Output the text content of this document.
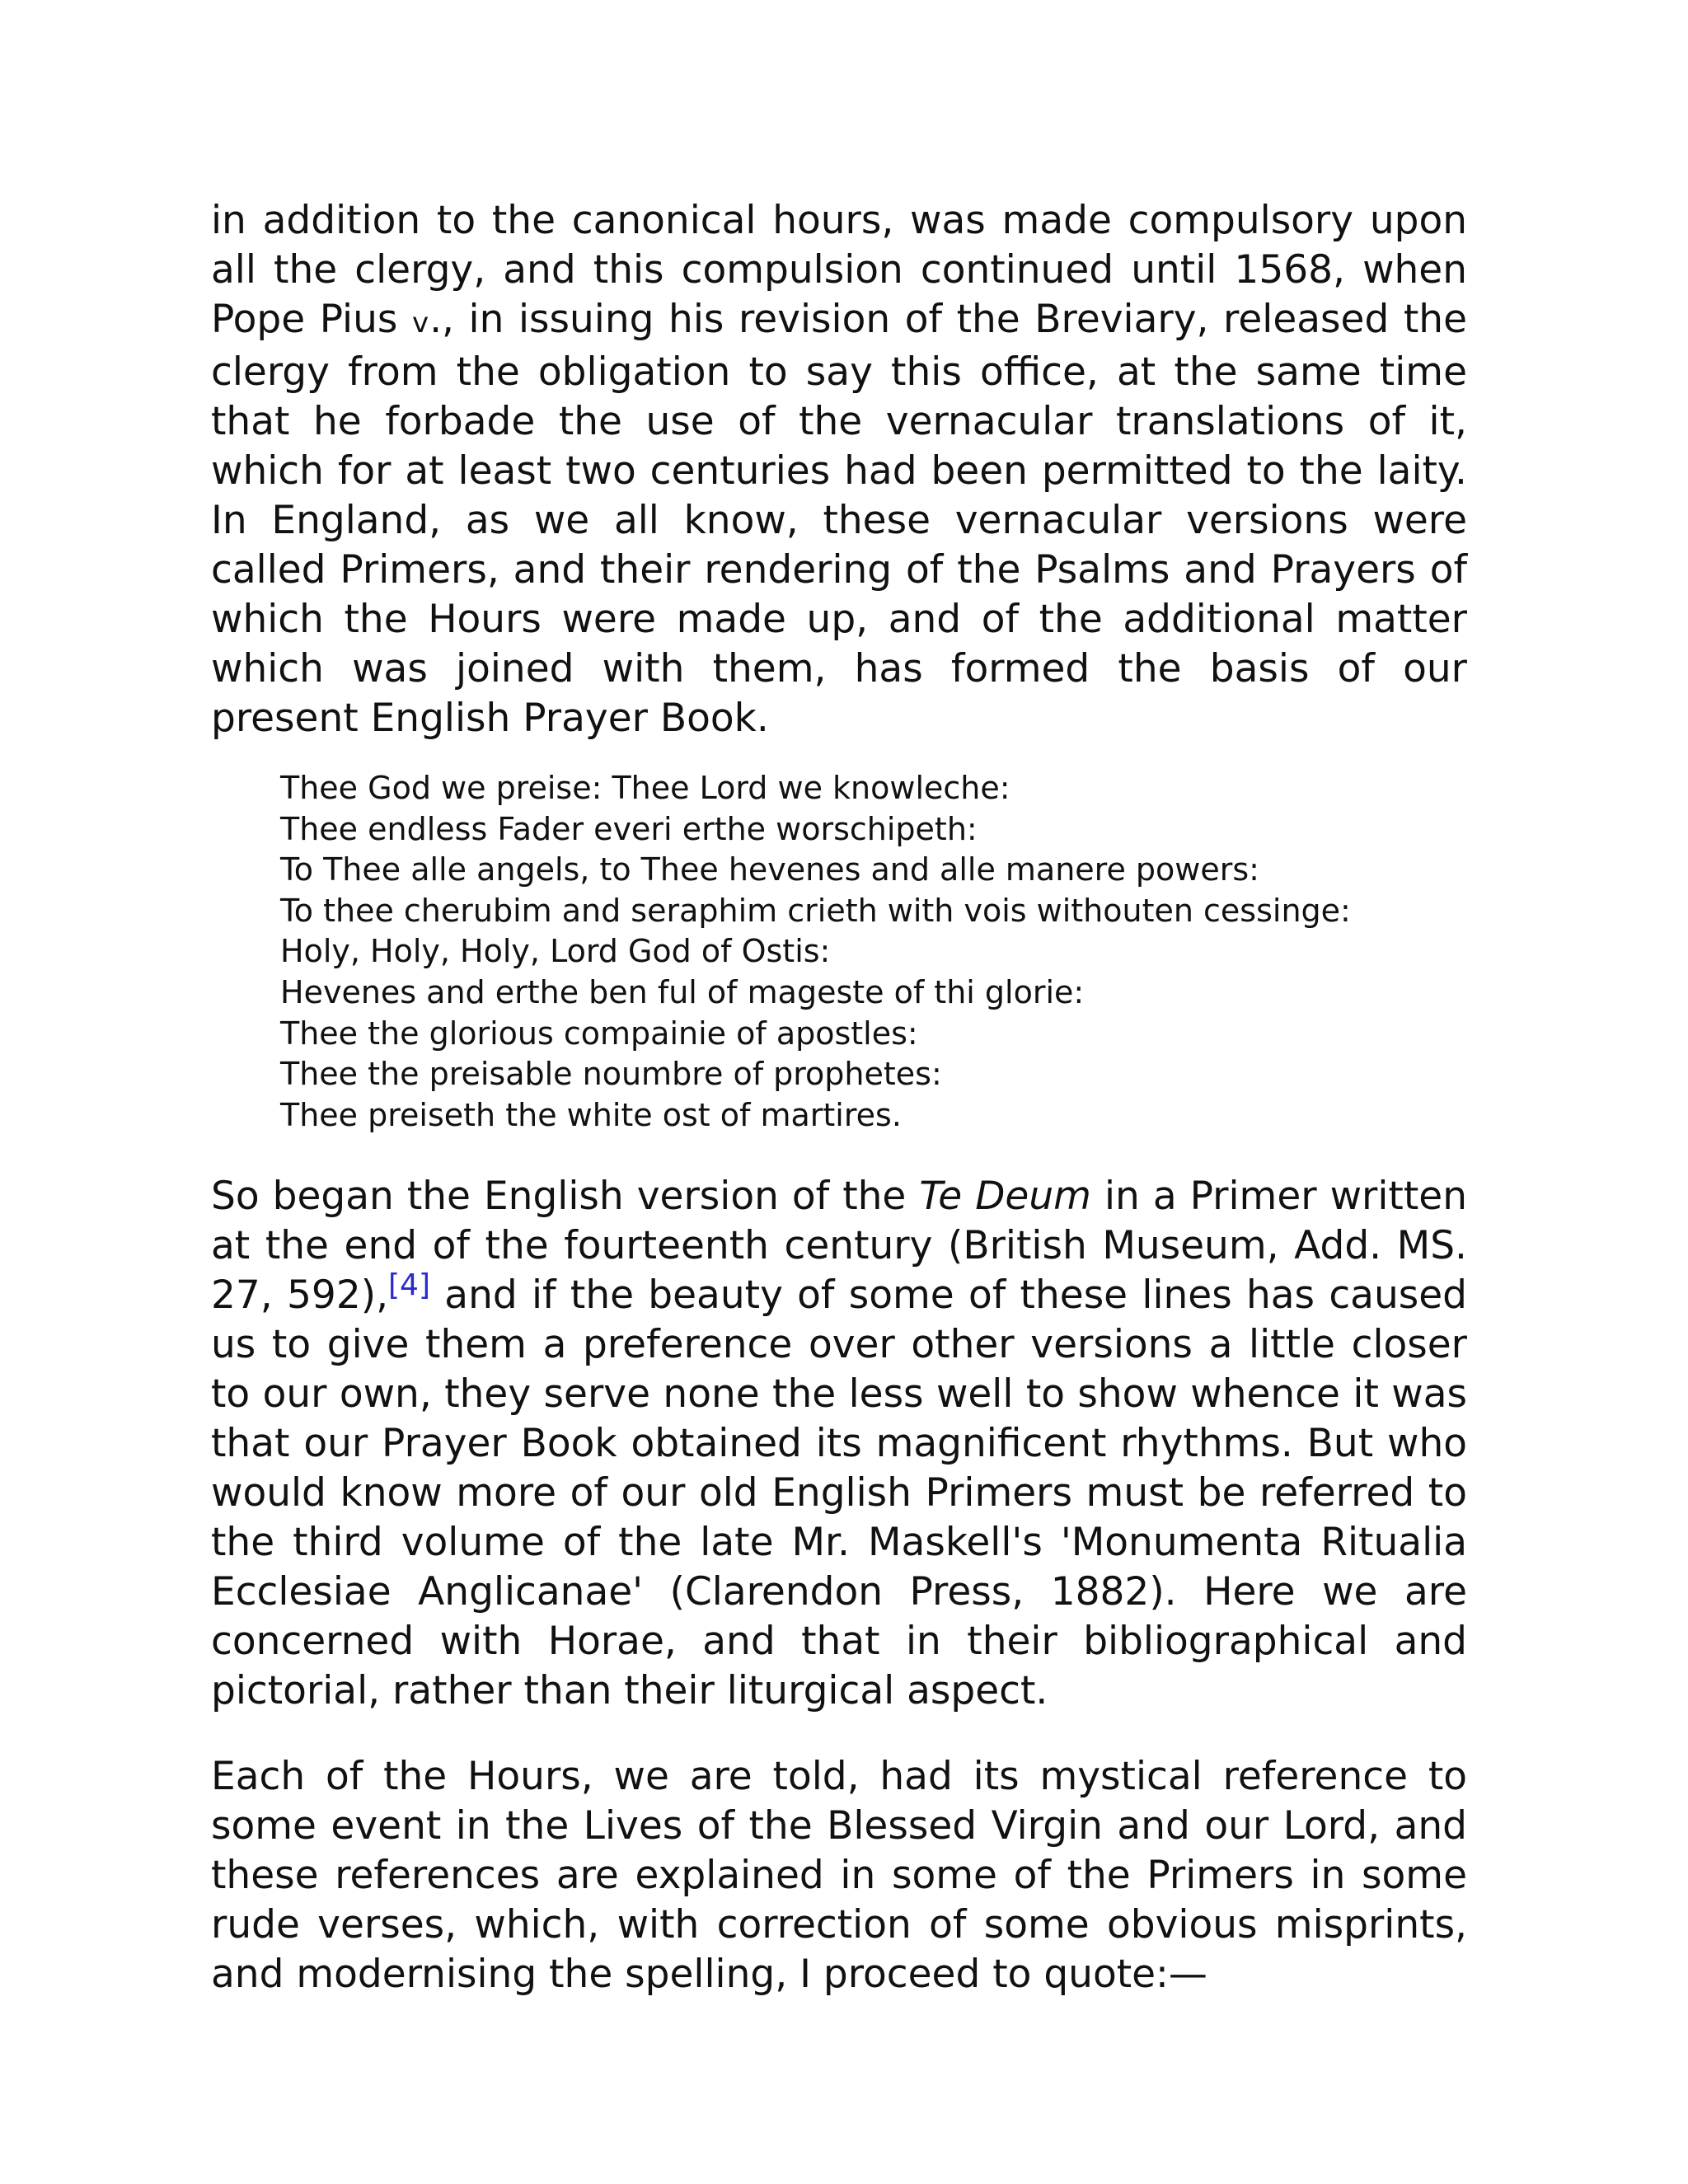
in addition to the canonical hours, was made compulsory upon all the clergy, and this compulsion continued until 1568, when Pope Pius v., in issuing his revision of the Breviary, released the clergy from the obligation to say this office, at the same time that he forbade the use of the vernacular translations of it, which for at least two centuries had been permitted to the laity. In England, as we all know, these vernacular versions were called Primers, and their rendering of the Psalms and Prayers of which the Hours were made up, and of the additional matter which was joined with them, has formed the basis of our present English Prayer Book.

Thee God we preise: Thee Lord we knowleche:
Thee endless Fader everi erthe worschipeth:
To Thee alle angels, to Thee hevenes and alle manere powers:
To thee cherubim and seraphim crieth with vois withouten cessinge:
Holy, Holy, Holy, Lord God of Ostis:
Hevenes and erthe ben ful of mageste of thi glorie:
Thee the glorious compainie of apostles:
Thee the preisable noumbre of prophetes:
Thee preiseth the white ost of martires.

So began the English version of the Te Deum in a Primer written at the end of the fourteenth century (British Museum, Add. MS. 27, 592),[4] and if the beauty of some of these lines has caused us to give them a preference over other versions a little closer to our own, they serve none the less well to show whence it was that our Prayer Book obtained its magnificent rhythms. But who would know more of our old English Primers must be referred to the third volume of the late Mr. Maskell's 'Monumenta Ritualia Ecclesiae Anglicanae' (Clarendon Press, 1882). Here we are concerned with Horae, and that in their bibliographical and pictorial, rather than their liturgical aspect.

Each of the Hours, we are told, had its mystical reference to some event in the Lives of the Blessed Virgin and our Lord, and these references are explained in some of the Primers in some rude verses, which, with correction of some obvious misprints, and modernising the spelling, I proceed to quote:—
